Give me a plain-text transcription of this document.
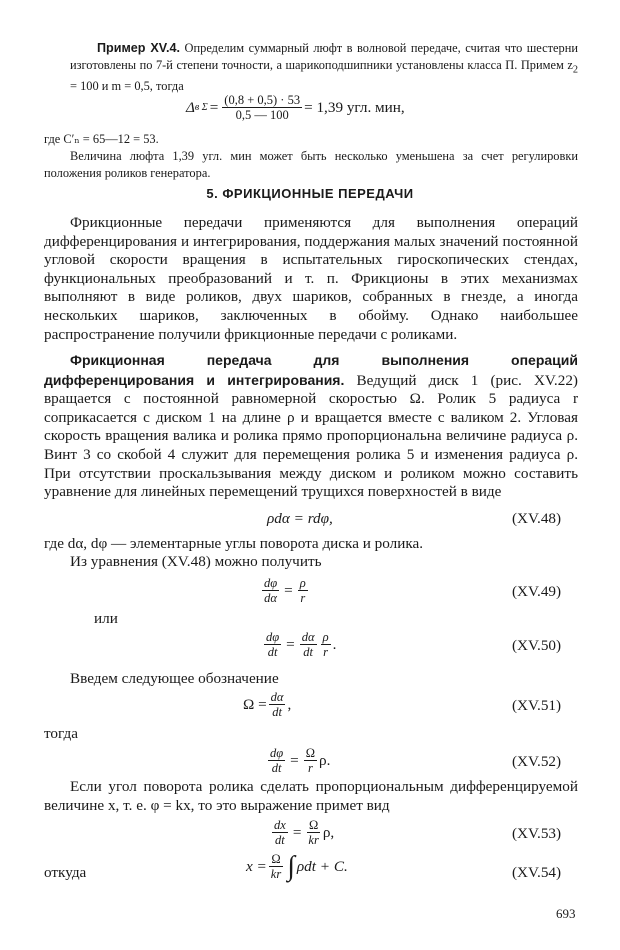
Пример XV.4. Определим суммарный люфт в волновой передаче, считая что шестерни изготовлены по 7-й степени точности, а шарикоподшипники установлены класса П. Примем $z_2 = 100$ и m = 0,5, тогда
Δ в $\Sigma = \frac{(0,8 + 0,5) \cdot 53}{0,5 — 100} = 1,39$ угл. мин,
где C′ₙ = 65—12 = 53.
Величина люфта 1,39 угл. мин может быть несколько уменьшена за счет регулировки положения роликов генератора.
5. ФРИКЦИОННЫЕ ПЕРЕДАЧИ
Фрикционные передачи применяются для выполнения операций дифференцирования и интегрирования, поддержания малых значений постоянной угловой скорости вращения в испытательных гироскопических стендах, функциональных преобразований и т. п. Фрикционы в этих механизмах выполняют в виде роликов, двух шариков, собранных в гнезде, а иногда нескольких шариков, заключенных в обойму. Однако наибольшее распространение получили фрикционные передачи с роликами.
Фрикционная передача для выполнения операций дифференцирования и интегрирования. Ведущий диск 1 (рис. XV.22) вращается с постоянной равномерной скоростью Ω. Ролик 5 радиуса r соприкасается с диском 1 на длине ρ и вращается вместе с валиком 2. Угловая скорость вращения валика и ролика прямо пропорциональна величине радиуса ρ. Винт 3 со скобой 4 служит для перемещения ролика 5 и изменения радиуса ρ. При отсутствии проскальзывания между диском и роликом можно составить уравнение для линейных перемещений трущихся поверхностей в виде
ρdα = rdφ,	(XV.48)
где dα, dφ — элементарные углы поворота диска и ролика.
Из уравнения (XV.48) можно получить
$\frac{d\varphi}{d\alpha} = \frac{\rho}{r}$	(XV.49)
или
$\frac{d\varphi}{dt} = \frac{d\alpha}{dt} \frac{\rho}{r}$ .	(XV.50)
Введем следующее обозначение
$\Omega = \frac{d\alpha}{dt}$ ,	(XV.51)
тогда
$\frac{d\varphi}{dt} = \frac{\Omega}{r} \rho$.	(XV.52)
Если угол поворота ролика сделать пропорциональным дифференцируемой величине x, т. е. φ = kx, то это выражение примет вид
$\frac{dx}{dt} = \frac{\Omega}{kr} \rho$,	(XV.53)
откуда	$x = \frac{\Omega}{kr}$ ∫ ρdt + C.	(XV.54)
693
